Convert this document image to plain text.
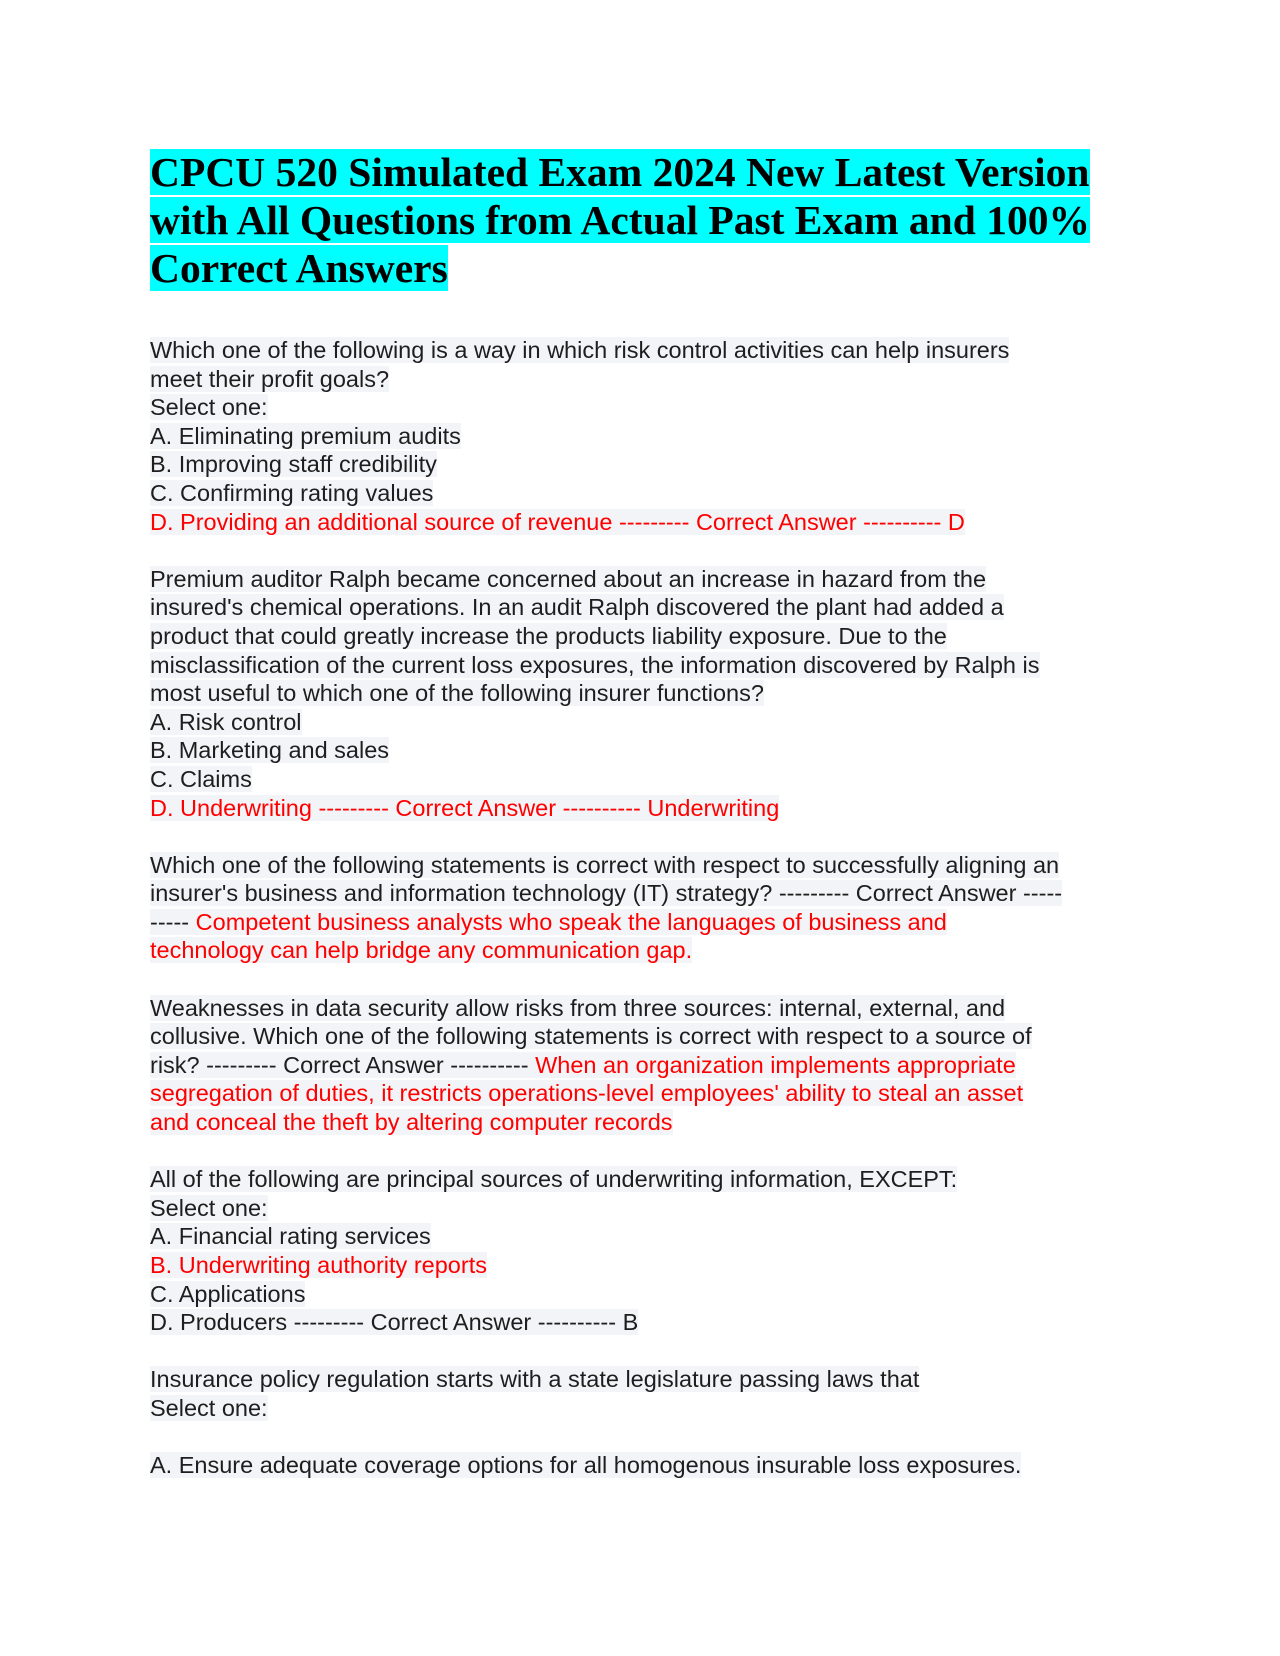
CPCU 520 Simulated Exam 2024 New Latest Version
with All Questions from Actual Past Exam and 100%
Correct Answers
Which one of the following is a way in which risk control activities can help insurers
meet their profit goals?
Select one:
A. Eliminating premium audits
B. Improving staff credibility
C. Confirming rating values
D. Providing an additional source of revenue --------- Correct Answer ---------- D
Premium auditor Ralph became concerned about an increase in hazard from the
insured's chemical operations. In an audit Ralph discovered the plant had added a
product that could greatly increase the products liability exposure. Due to the
misclassification of the current loss exposures, the information discovered by Ralph is
most useful to which one of the following insurer functions?
A. Risk control
B. Marketing and sales
C. Claims
D. Underwriting --------- Correct Answer ---------- Underwriting
Which one of the following statements is correct with respect to successfully aligning an
insurer's business and information technology (IT) strategy? --------- Correct Answer -----
----- Competent business analysts who speak the languages of business and
technology can help bridge any communication gap.
Weaknesses in data security allow risks from three sources: internal, external, and
collusive. Which one of the following statements is correct with respect to a source of
risk? --------- Correct Answer ---------- When an organization implements appropriate
segregation of duties, it restricts operations-level employees' ability to steal an asset
and conceal the theft by altering computer records
All of the following are principal sources of underwriting information, EXCEPT:
Select one:
A. Financial rating services
B. Underwriting authority reports
C. Applications
D. Producers --------- Correct Answer ---------- B
Insurance policy regulation starts with a state legislature passing laws that
Select one:
A. Ensure adequate coverage options for all homogenous insurable loss exposures.
